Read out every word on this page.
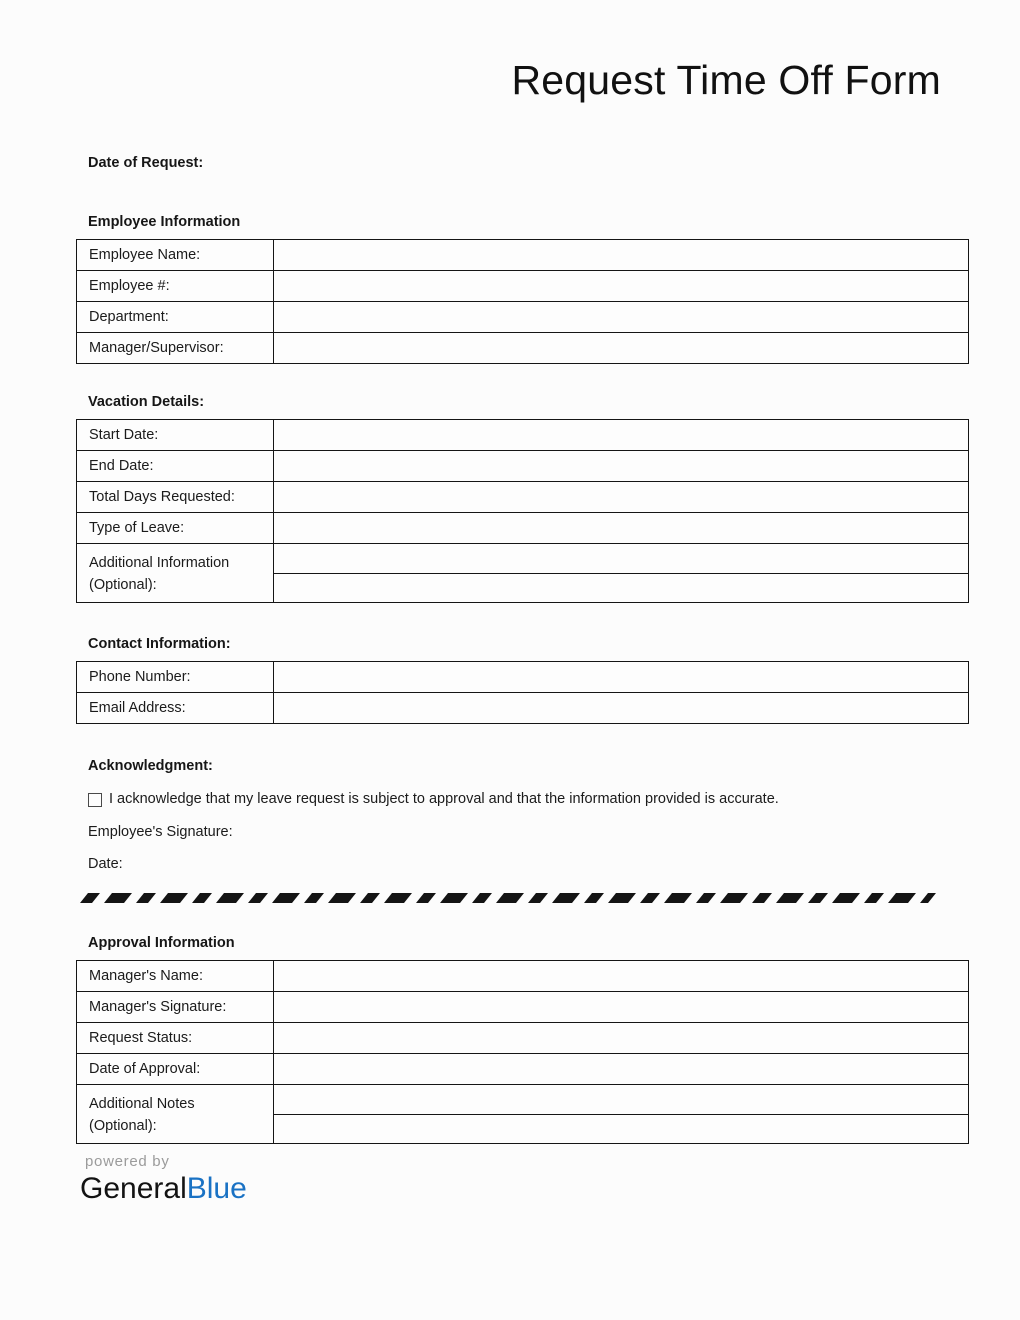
Request Time Off Form
Date of Request:
Employee Information
Employee Name:	
Employee #:	
Department:	
Manager/Supervisor:	
Vacation Details:
Start Date:	
End Date:	
Total Days Requested:	
Type of Leave:	

Additional Information
(Optional):	

Contact Information:
Phone Number:	
Email Address:	
Acknowledgment:
I acknowledge that my leave request is subject to approval and that the information provided is accurate.
Employee's Signature:
Date:
Approval Information
Manager's Name:	
Manager's Signature:	
Request Status:	
Date of Approval:	

Additional Notes
(Optional):	

powered by
GeneralBlue
